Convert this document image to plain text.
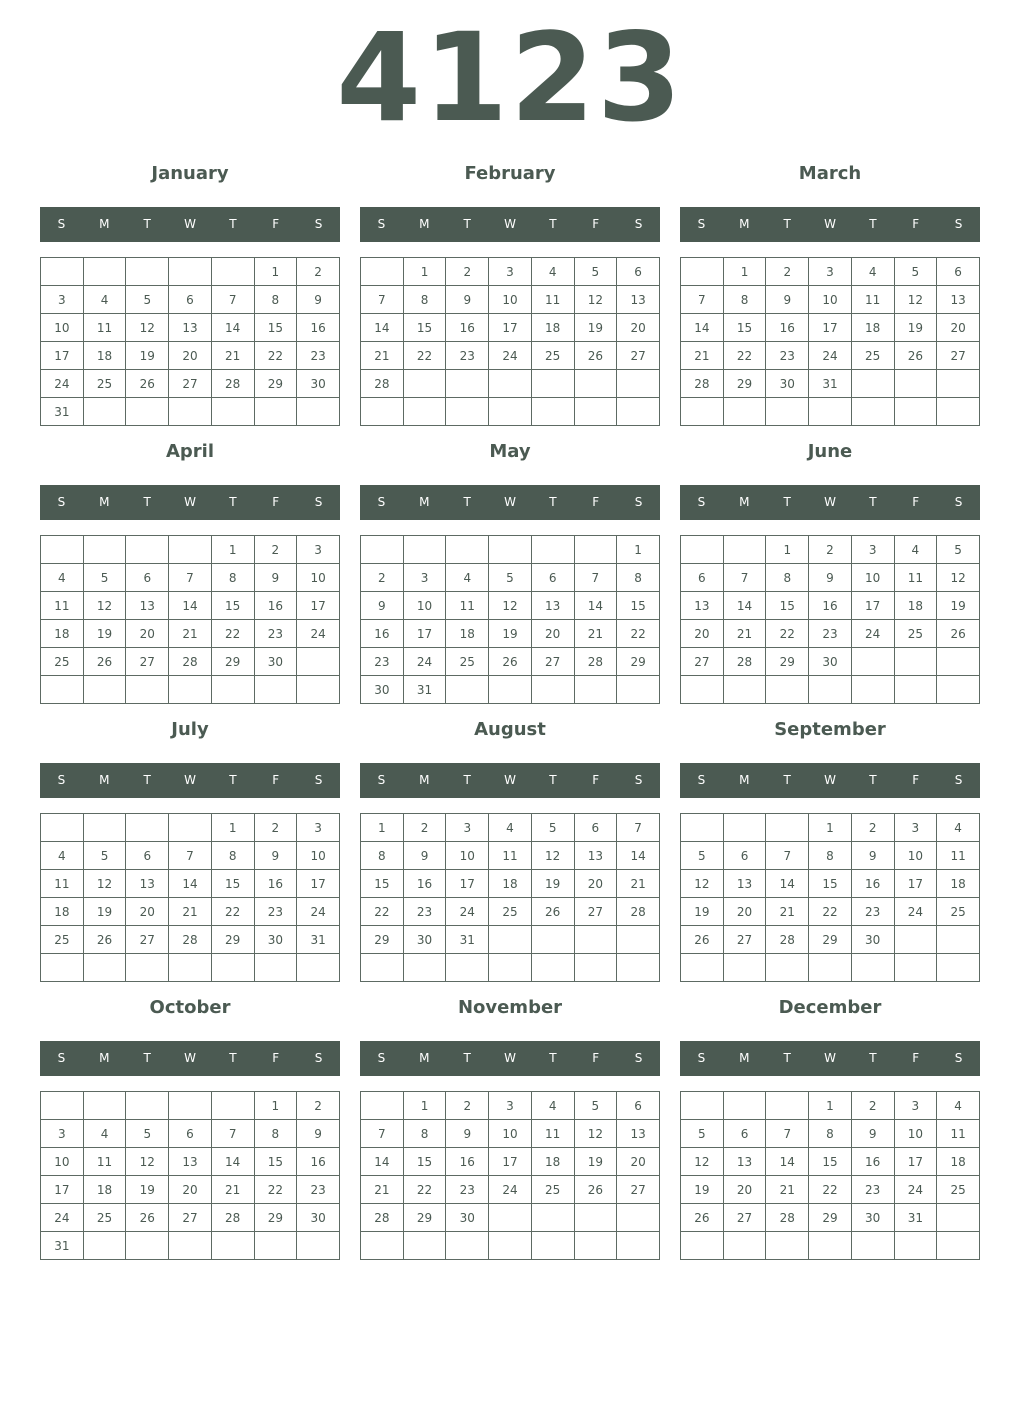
4123
January
S	M	T	W	T	F	S
					1	2
3	4	5	6	7	8	9
10	11	12	13	14	15	16
17	18	19	20	21	22	23
24	25	26	27	28	29	30
31						
February
S	M	T	W	T	F	S
	1	2	3	4	5	6
7	8	9	10	11	12	13
14	15	16	17	18	19	20
21	22	23	24	25	26	27
28						

March
S	M	T	W	T	F	S
	1	2	3	4	5	6
7	8	9	10	11	12	13
14	15	16	17	18	19	20
21	22	23	24	25	26	27
28	29	30	31			

April
S	M	T	W	T	F	S
				1	2	3
4	5	6	7	8	9	10
11	12	13	14	15	16	17
18	19	20	21	22	23	24
25	26	27	28	29	30	

May
S	M	T	W	T	F	S
						1
2	3	4	5	6	7	8
9	10	11	12	13	14	15
16	17	18	19	20	21	22
23	24	25	26	27	28	29
30	31					
June
S	M	T	W	T	F	S
		1	2	3	4	5
6	7	8	9	10	11	12
13	14	15	16	17	18	19
20	21	22	23	24	25	26
27	28	29	30			

July
S	M	T	W	T	F	S
				1	2	3
4	5	6	7	8	9	10
11	12	13	14	15	16	17
18	19	20	21	22	23	24
25	26	27	28	29	30	31

August
S	M	T	W	T	F	S
1	2	3	4	5	6	7
8	9	10	11	12	13	14
15	16	17	18	19	20	21
22	23	24	25	26	27	28
29	30	31				

September
S	M	T	W	T	F	S
			1	2	3	4
5	6	7	8	9	10	11
12	13	14	15	16	17	18
19	20	21	22	23	24	25
26	27	28	29	30		

October
S	M	T	W	T	F	S
					1	2
3	4	5	6	7	8	9
10	11	12	13	14	15	16
17	18	19	20	21	22	23
24	25	26	27	28	29	30
31						
November
S	M	T	W	T	F	S
	1	2	3	4	5	6
7	8	9	10	11	12	13
14	15	16	17	18	19	20
21	22	23	24	25	26	27
28	29	30				

December
S	M	T	W	T	F	S
			1	2	3	4
5	6	7	8	9	10	11
12	13	14	15	16	17	18
19	20	21	22	23	24	25
26	27	28	29	30	31	
